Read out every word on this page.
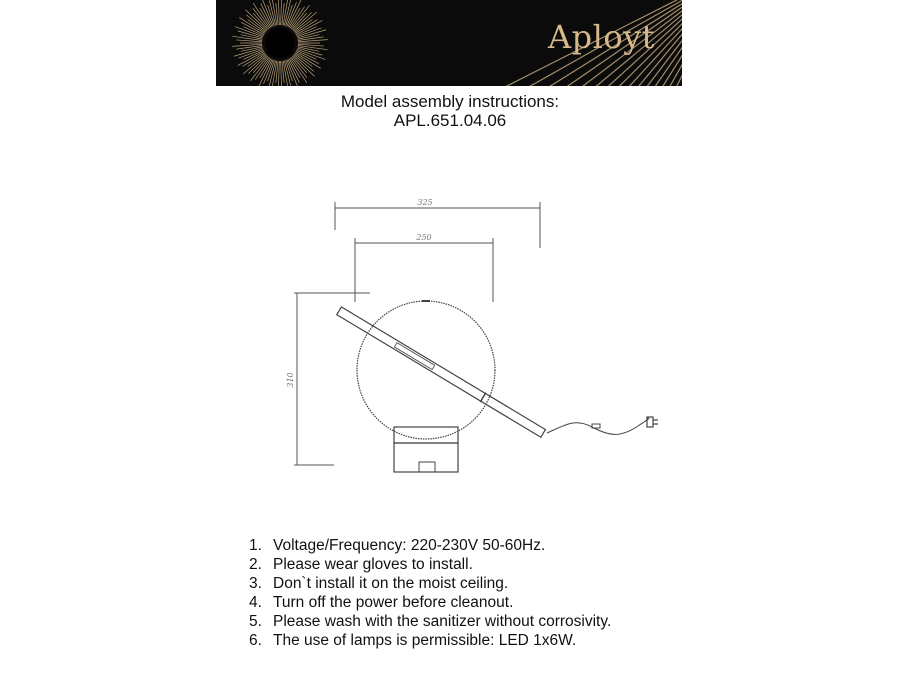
Aployt
Model assembly instructions:
APL.651.04.06
325
250
310
1. Voltage/Frequency: 220-230V 50-60Hz.
2. Please wear gloves to install.
3. Don`t install it on the moist ceiling.
4. Turn off the power before cleanout.
5. Please wash with the sanitizer without corrosivity.
6. The use of lamps is permissible: LED 1x6W.
